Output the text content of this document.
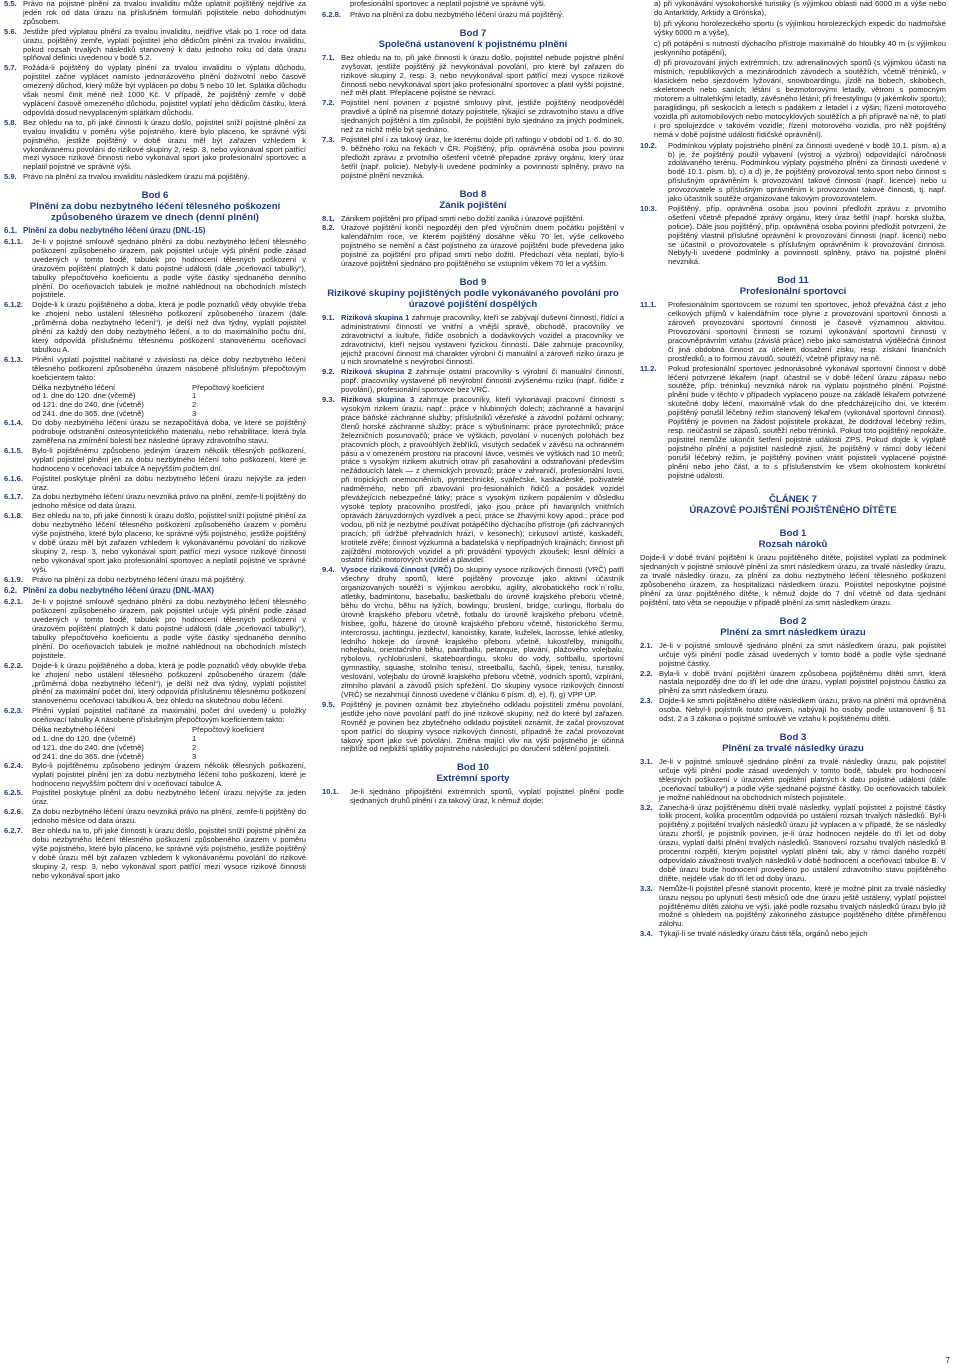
5.5. Právo na pojistné plnění za trvalou invaliditu může uplatnit pojištěný nejdříve za jeden rok od data úrazu na příslušném formuláři pojistitele nebo dohodnutým způsobem.
5.6. Jestliže před výplatou plnění za trvalou invaliditu, nejdříve však po 1 roce od data úrazu, pojištěný zemře, vyplatí pojistitel jeho dědicům plnění za trvalou invaliditu, pokud rozsah trvalých následků stanovený k datu jednoho roku od data úrazu splňoval definici uvedenou v bodě 5.2.
5.7. Požádá-li pojištěný do výplaty plnění za trvalou invaliditu o výplatu důchodu, pojistitel začne vyplácet namísto jednorázového plnění doživotní nebo časově omezený důchod, který může být vyplácen po dobu 5 nebo 10 let. Splátka důchodu však nesmí činit méně než 1000 Kč. V případě, že pojištěný zemře v době vyplácení časově omezeného důchodu, pojistitel vyplatí jeho dědicům částku, která odpovídá dosud nevyplaceným splátkám důchodu.
5.8. Bez ohledu na to, při jaké činnosti k úrazu došlo, pojistitel sníží pojistné plnění za trvalou invaliditu v poměru výše pojistného, které bylo placeno, ke správné výši pojistného, jestliže pojištěný v době úrazu měl být zařazen vzhledem k vykonávanému povolání do rizikové skupiny 2, resp. 3, nebo vykonával sport patřící mezi vysoce rizikové činnosti nebo vykonával sport jako profesionální sportovec a neplatil pojistné ve správné výši.
5.9. Právo na plnění za trvalou invaliditu následkem úrazu má pojištěný.
Bod 6
Plnění za dobu nezbytného léčení tělesného poškození způsobeného úrazem ve dnech (denní plnění)
6.1. Plnění za dobu nezbytného léčení úrazu (DNL-15)
6.1.1.	Je-li v pojistné smlouvě sjednáno plnění za dobu nezbytného léčení tělesného poškození způsobeného úrazem, pak pojistitel určuje výši plnění podle zásad uvedených v tomto bodě, tabulek pro hodnocení tělesných poškození v úrazovém pojištění platných k datu pojistné události (dále „oceňovací tabulky“), tabulky přepočtového koeficientu a podle výše částky sjednaného denního plnění. Do oceňovacích tabulek je možné nahlédnout na obchodních místech pojistitele.
6.1.2.	Dojde-li k úrazu pojištěného a doba, která je podle poznatků vědy obvykle třeba ke zhojení nebo ustálení tělesného poškození způsobeného úrazem (dále „průměrná doba nezbytného léčení“), je delší než dva týdny, vyplatí pojistitel plnění za každý den doby nezbytného léčení, a to do maximálního počtu dní, který odpovídá příslušnému tělesnému poškození stanovenému oceňovací tabulkou A.
6.1.3.	Plnění vyplatí pojistitel načítané v závislosti na délce doby nezbytného léčení tělesného poškození způsobeného úrazem násobené příslušným přepočtovým koeficientem takto:
Délka nezbytného léčení	Přepočtový koeficient
od 1. dne do 120. dne (včetně)	1
od 121. dne do 240. dne (včetně)	2
od 241. dne do 365. dne (včetně)	3
6.1.4.	Do doby nezbytného léčení úrazu se nezapočítává doba, ve které se pojištěný podrobuje odstranění osteosyntetického materiálu, nebo rehabilitace, která byla zaměřena na zmírnění bolesti bez následné úpravy zdravotního stavu.
6.1.5.	Bylo-li pojištěnému způsobeno jediným úrazem několik tělesných poškození, vyplatí pojistitel plnění jen za dobu nezbytného léčení toho poškození, které je hodnoceno v oceňovací tabulce A nejvyšším počtem dní.
6.1.6.	Pojistitel poskytuje plnění za dobu nezbytného léčení úrazu nejvýše za jeden úraz.
6.1.7.	Za dobu nezbytného léčení úrazu nevzniká právo na plnění, zemře-li pojištěný do jednoho měsíce od data úrazu.
6.1.8.	Bez ohledu na to, při jaké činnosti k úrazu došlo, pojistitel sníží pojistné plnění za dobu nezbytného léčení tělesného poškození způsobeného úrazem v poměru výše pojistného, které bylo placeno, ke správné výši pojistného, jestliže pojištěný v době úrazu měl být zařazen vzhledem k vykonávanému povolání do rizikové skupiny 2, resp. 3, nebo vykonával sport patřící mezi vysoce rizikové činnosti nebo vykonával sport jako profesionální sportovec a neplatil pojistné ve správné výši.
6.1.9.	Právo na plnění za dobu nezbytného léčení úrazu má pojištěný.
6.2. Plnění za dobu nezbytného léčení úrazu (DNL-MAX)
6.2.1.	Je-li v pojistné smlouvě sjednáno plnění za dobu nezbytného léčení tělesného poškození způsobeného úrazem, pak pojistitel určuje výši plnění podle zásad uvedených v tomto bodě, tabulek pro hodnocení tělesných poškození v úrazovém pojištění platných k datu pojistné události (dále „oceňovací tabulky“), tabulky přepočtového koeficientu a podle výše částky sjednaného denního plnění. Do oceňovacích tabulek je možné nahlédnout na obchodních místech pojistitele.
6.2.2.	Dojde-li k úrazu pojištěného a doba, která je podle poznatků vědy obvykle třeba ke zhojení nebo ustálení tělesného poškození způsobeného úrazem (dále „průměrná doba nezbytného léčení“), je delší než dva týdny, vyplatí pojistitel plnění za maximální počet dní, který odpovídá příslušnému tělesnému poškození stanovenému oceňovací tabulkou A, bez ohledu na skutečnou dobu léčení.
6.2.3.	Plnění vyplatí pojistitel načítané za maximální počet dní uvedený u položky oceňovací tabulky A násobené příslušným přepočtovým koeficientem takto:
Délka nezbytného léčení	Přepočtový koeficient
od 1. dne do 120. dne (včetně)	1
od 121. dne do 240. dne (včetně)	2
od 241. dne do 365. dne (včetně)	3
6.2.4.	Bylo-li pojištěnému způsobeno jediným úrazem několik tělesných poškození, vyplatí pojistitel plnění jen za dobu nezbytného léčení toho poškození, které je hodnoceno nejvyšším počtem dní v oceňovací tabulce A.
6.2.5.	Pojistitel poskytuje plnění za dobu nezbytného léčení úrazu nejvýše za jeden úraz.
6.2.6.	Za dobu nezbytného léčení úrazu nevzniká právo na plnění, zemře-li pojištěný do jednoho měsíce od data úrazu.
6.2.7.	Bez ohledu na to, při jaké činnosti k úrazu došlo, pojistitel sníží pojistné plnění za dobu nezbytného léčení tělesného poškození způsobeného úrazem v poměru výše pojistného, které bylo placeno, ke správné výši pojistného, jestliže pojištěný v době úrazu měl být zařazen vzhledem k vykonávanému povolání do rizikové skupiny 2, resp. 3, nebo vykonával sport patřící mezi vysoce rizikové činnosti nebo vykonával sport jako
profesionální sportovec a neplatil pojistné ve správné výši.
6.2.8.	Právo na plnění za dobu nezbytného léčení úrazu má pojištěný.
Bod 7
Společná ustanovení k pojistnému plnění
7.1. Bez ohledu na to, při jaké činnosti k úrazu došlo, pojistitel nebude pojistné plnění zvyšovat, jestliže pojištěný již nevykonával povolání, pro které byl zařazen do rizikové skupiny 2, resp. 3, nebo nevykonával sport patřící mezi vysoce rizikové činnosti nebo nevykonával sport jako profesionální sportovec a platil vyšší pojistné, než měl platit. Přeplacené pojistné se nevrací.
7.2. Pojistitel není povinen z pojistné smlouvy plnit, jestliže pojištěný neodpověděl pravdivě a úplně na písemné dotazy pojistitele, týkající se zdravotního stavu a dříve sjednaných pojištění a tím způsobil, že pojištění bylo sjednáno za jiných podmínek, než za nichž mělo být sjednáno.
7.3. Pojistitel plní i za takový úraz, ke kterému dojde při raftingu v období od 1. 6. do 30. 9. běžného roku na řekách v ČR. Pojištěný, příp. oprávněná osoba jsou povinni předložit zprávu z prvotního ošetření včetně přepadné zprávy orgánu, který úraz šetřil (např. policie). Nebyly-li uvedené podmínky a povinnosti splněny, právo na pojistné plnění nevzniká.
Bod 8
Zánik pojištění
8.1. Zánikem pojištění pro případ smrti nebo dožití zaniká i úrazové pojištění.
8.2. Úrazové pojištění končí nejpozději den před výročním dnem počátku pojištění v kalendářním roce, ve kterém pojištěný dosáhne věku 70 let, výše celkového pojistného se nemění a část pojistného za úrazové pojištění bude převedena jako pojistné za pojištění pro případ smrti nebo dožití. Předchozí věta neplatí, bylo-li úrazové pojištění sjednáno pro pojištěného se vstupním věkem 70 let a vyšším.
Bod 9
Rizikové skupiny pojištěných podle vykonávaného povolání pro úrazové pojištění dospělých
9.1. Riziková skupina 1 zahrnuje pracovníky, kteří se zabývají duševní činností, řídící a administrativní činností ve vnitřní a vnější správě, obchodě, pracovníky ve zdravotnictví a kultuře, řidiče osobních a dodávkových vozidel a pracovníky ve zdravotnictví, kteří nejsou vystaveni fyzickou činností. Dále zahrnuje pracovníky, jejichž pracovní činnost má charakter výrobní či manuální a zároveň riziko úrazu je u nich srovnatelné s nevýrobní činností.
9.2. Riziková skupina 2 zahrnuje ostatní pracovníky s výrobní či manuální činností, popř. pracovníky vystavené při nevýrobní činnosti zvýšenému riziku (např. řidiče z povolání), profesionální sportovce bez VRČ.
9.3. Riziková skupina 3 zahrnuje pracovníky, kteří vykonávají pracovní činnosti s vysokým rizikem úrazu, např.: práce v hlubinných dolech; záchranné a havarijní práce báňské záchranné služby; příslušníků vězeňské a závodní požární ochrany; členů horské záchranné služby; práce s výbušninami; práce pyrotechniků; práce železničních posunovačů; práce ve výškách, povolání v nucených polohách bez pracovních ploch, z pravoúhlých žebříků, visutých sedaček v závěsu na ochranném pásu a v omezeném prostoru na pracovní lávce, vesmés ve výškách nad 10 metrů; práce s vysokým rizikem akutních otrav při zasahování a odstraňování především nežádoucích látek — z chemických provozů; práce v zahraničí, profesionální lovci, při tropických onemocněních, pyrotechnické, svářečské, kaskadérské, poživatelé nadměrného, nebo při zbavování pro-fesionálních řidičů a posádek vozidel převážejících nebezpečné látky; práce s vysokým rizikem popálením v důsledku vysoké teploty pracovního prostředí, jako jsou práce při havarijních vnitřních opravách žáruvzdorných vyzdívek a pecí, práce se žhavými kovy apod.; práce pod vodou, při níž je nezbytné používat potápěčího dýchacího přístroje (při záchranných pracích, při údržbě přehradních hrází, v kesonech); cirkusoví artisté, kaskadéři, krotitelé zvěře; činnost výzkumná a badatelská v nepřípadných krajinách; činnost při zajíždění motorových vozidel a při provádění typových zkoušek; lesní dělníci a ostatní řidiči motorových vozidel a plavidel.
9.4. Vysoce riziková činnost (VRČ) Do skupiny vysoce rizikových činností (VRČ) patří všechny druhy sportů, které pojištěný provozuje jako aktivní účastník organizovaných soutěží s výjimkou aerobiku, agility, akrobatického rock´n´rollu, atletiky, badmintonu, baseballu, basketbalu do úrovně krajského přeboru včetně, běhu do vrchu, běhu na lyžích, bowlingu, bruslení, bridge, curlingu, florbalu do úrovně krajského přeboru včetně, fotbalu do úrovně krajského přeboru včetně, frisbee, golfu, házené do úrovně krajského přeboru včetně, historického šermu, intercrossu, jachtingu, jezdectví, kanoistiky, karate, kuželek, lacrosse, lehké atletiky, ledního hokeje do úrovně krajského přeboru včetně, lukostřelby, minigolfu, nohejbalu, orientačního běhu, paintballu, petanque, plavání, plážového volejbalu, rybolovu, rychlobruslení, skateboardingu, skoku do vody, softballu, sportovní gymnastiky, squashe, stolního tenisu, streetballu, šachů, šipek, tenisu, turistiky, veslování, volejbalu do úrovně krajského přeboru včetně, vodních sportů, vzpírání, zimního plavání a závodů psích spřežení. Do skupiny vysoce rizikových činností (VRČ) se nezahrnují činnosti uvedené v článku 6 písm. d), e), f), g) VPP ÚP.
9.5. Pojištěný je povinen oznámit bez zbytečného odkladu pojistiteli změnu povolání, jestliže jeho nové povolání patří do jiné rizikové skupiny, než do které byl zařazen. Rovněž je povinen bez zbytečného odkladu pojistiteli oznámit, že začal provozovat sport patřící do skupiny vysoce rizikových činností, případně že začal provozovat takový sport jako své povolání. Změna mající vliv na výši pojistného je účinná nejblíže od nejbližší splátky pojistného následující po doručení sdělení pojistiteli.
Bod 10
Extrémní sporty
10.1.	Je-li sjednáno připojištění extrémních sportů, vyplatí pojistitel plnění podle sjednaných druhů plnění i za takový úraz, k němuž dojde:
a) při vykonávání vysokohorské turistiky (s výjimkou oblasti nad 6000 m a výše nebo do Antarktidy, Arktidy a Grónska),
b) při výkonu horolezeckého sportu (s výjimkou horolezeckých expedic do nadmořské výšky 6000 m a výše),
c) při potápění s nutností dýchacího přístroje maximálně do hloubky 40 m (s výjimkou jeskynního potápění),
d) při provozování jiných extrémních, tzv. adrenalinových sportů (s výjimkou účasti na místních, republikových a mezinárodních závodech a soutěžích, včetně tréninků, v klasickém nebo sjezdovém lyžování, snowboardingu, jízdě na bobech, skibobech, skeletonech nebo saních; létání s bezmotorovými letadly, větroni s pomocným motorem a ultralehkými letadly, závěsného létání; při freestylingu (v jakémkoliv sportu); paraglidingu, při seskocích a letech s padákem z letadel i z výšin; řízení motorového vozidla při automobilových nebo motocyklových soutěžích a při přípravě na ně, to platí i pro spolujezdce v takovém vozidle; řízení motorového vozidla, pro něž pojištěný nemá v době pojistné události řidičské oprávnění).
10.2.	Podmínkou výplaty pojistného plnění za činnosti uvedené v bodě 10.1. písm. a) a b) je, že pojištěný použil vybavení (výstroj a výzbroj) odpovídající náročnosti zdolávaného terénu. Podmínkou výplaty pojistného plnění za činnosti uvedené v bodě 10.1. písm. b), c) a d) je, že pojištěný provozoval tento sport nebo činnost s příslušným oprávněním k provozování takové činnosti (např. licence) nebo u provozovatele s příslušným oprávněním k provozování takové činnosti, tj. např. jako účastník soutěže organizované takovým provozovatelem.
10.3.	Pojištěný, příp. oprávněná osoba jsou povinni předložit zprávu z prvotního ošetření včetně přepadné zprávy orgánu, který úraz šetřil (např. horská služba, policie). Dále jsou pojištěný, příp. oprávněná osoba povinni předložit potvrzení, že pojištěný vlastnil příslušné oprávnění k provozování činnosti (např. licenci) nebo se účastnil o provozovatele s příslušným oprávněním k provozování činnosti. Nebyly-li uvedené podmínky a povinnosti splněny, právo na pojistné plnění nevzniká.
Bod 11
Profesionální sportovci
11.1.	Profesionálním sportovcem se rozumí ten sportovec, jehož převážná část z jeho celkových příjmů v kalendářním roce plyne z provozování sportovní činnosti a zároveň provozování sportovní činnosti je časově významnou aktivitou. Provozování sportovní činnosti se rozumí vykonávání sportovní činnosti v pracovněprávním vztahu (závislá práce) nebo jako samostatná výdělečná činnost či jiná obdobná činnost za účelem dosažení zisku, resp. získání finančních prostředků, a to formou závodů, soutěží, včetně přípravy na ně.
11.2.	Pokud profesionální sportovec jednonásobně vykonával sportovní činnost v době léčení potvrzené lékařem (např. účastnil se v době léčení úrazu zápasu nebo soutěže, příp. tréninku) nevzniká nárok na výplatu pojistného plnění. Pojistné plnění bude v těchto v případech vyplaceno pouze na základě lékařem potvrzené skutečné doby léčení, maximálně však do dne předcházejícího dni, ve kterém pojištěný porušil léčebný režim stanovený lékařem (vykonával sportovní činnost). Pojištěný je povinen na žádost pojistitele prokázat, že dodržoval léčebný režim, resp. neúčastnil se zápasů, soutěží nebo tréninků. Pokud toto pojištěný nepokáže, pojistitel nemůže ukončit šetření pojistné události ZPS. Pokud dojde k výplatě pojistného plnění a pojistitel následně zjistí, že pojištěný v rámci doby léčení porušil léčebný režim, je pojištěný povinen vrátit pojistiteli vyplacené pojistné plnění nebo jeho část, a to s příslušenstvím ke všem okolnostem konkrétní pojistné události.
ČLÁNEK 7
ÚRAZOVÉ POJIŠTĚNÍ POJIŠTĚNÉHO DÍTĚTE
Bod 1
Rozsah nároků
Dojde-li v době trvání pojištění k úrazu pojištěného dítěte, pojistitel vyplatí za podmínek sjednaných v pojistné smlouvě plnění za smrt následkem úrazu, za trvalé následky úrazu, za trvalé následky úrazu, za plnění za dobu nezbytného léčení tělesného poškození způsobeného úrazem, za hospitalizaci následkem úrazu. Pojistitel neposkytne pojistné plnění za úraz pojištěného dítěte, k němuž dojde do 7 dní včetně od data sjednání pojištění, tato věta se nepoužije v případě plnění za smrt následkem úrazu.
Bod 2
Plnění za smrt následkem úrazu
2.1. Je-li v pojistné smlouvě sjednáno plnění za smrt následkem úrazu, pak pojistitel určuje výši plnění podle zásad uvedených v tomto bodě a podle výše sjednané pojistné částky.
2.2. Byla-li v době trvání pojištění úrazem způsobena pojištěnému dítěti smrt, která nastala nejpozději dne do tří let ode dne úrazu, vyplatí pojistitel pojistnou částku za plnění za smrt následkem úrazu.
2.3. Dojde-li ke smrti pojištěného dítěte následkem úrazu, právo na plnění má oprávněná osoba. Nebyl-li pojistník touto právem, nabývají ho osoby podle ustanovení § 51 odst. 2 a 3 zákona o pojistné smlouvě ve vztahu k pojištěnému dítěti.
Bod 3
Plnění za trvalé následky úrazu
3.1. Je-li v pojistné smlouvě sjednáno plnění za trvalé následky úrazu, pak pojistitel určuje výši plnění podle zásad uvedených v tomto bodě, tabulek pro hodnocení tělesných poškození v úrazovém pojištění platných k datu pojistné události (dále „oceňovací tabulky“) a podle výše sjednané pojistné částky. Do oceňovacích tabulek je možné nahlédnout na obchodních místech pojistitele.
3.2. Zanechá-li úraz pojištěnému dítěti trvalé následky, vyplatí pojistitel z pojistné částky tolik procent, kolika procentům odpovídá po ustálení rozsah trvalých následků. Byl-li pojištěný z pojištění trvalých následků úrazu již vyplacen a v případě, že se následky úrazu zhorší, je pojistník povinen, je-li úraz hodnocen nejdéle do tří let od doby úrazu, vyplatí další plnění trvalých následků. Stanovení rozsahu trvalých následků B procentní rozpětí, kterým pojistitel vyplatí plnění tak, aby v rámci daného rozpětí odpovídalo závažnosti trvalých následků v době hodnocení a oceňovací tabulce B. V době úrazu bude hodnocení provedeno po ustálení zdravotního stavu pojištěného dítěte, nejdéle však do tří let od doby úrazu.
3.3. Nemůže-li pojistitel přesně stanovit procento, které je možné plnit za trvalé následky úrazu nejsou po uplynutí šesti měsíců ode dne úrazu ještě ustáleny, vyplatí pojistitel pojištěnému dítěti zálohu ve výši, jaké podle rozsahu trvalých následků úrazu bylo již možné s ohledem na pojištěný zákonného zástupce pojištěného dítěte přiměřenou zálohu.
3.4. Týkají-li se trvalé následky úrazu části těla, orgánů nebo jejich
7
